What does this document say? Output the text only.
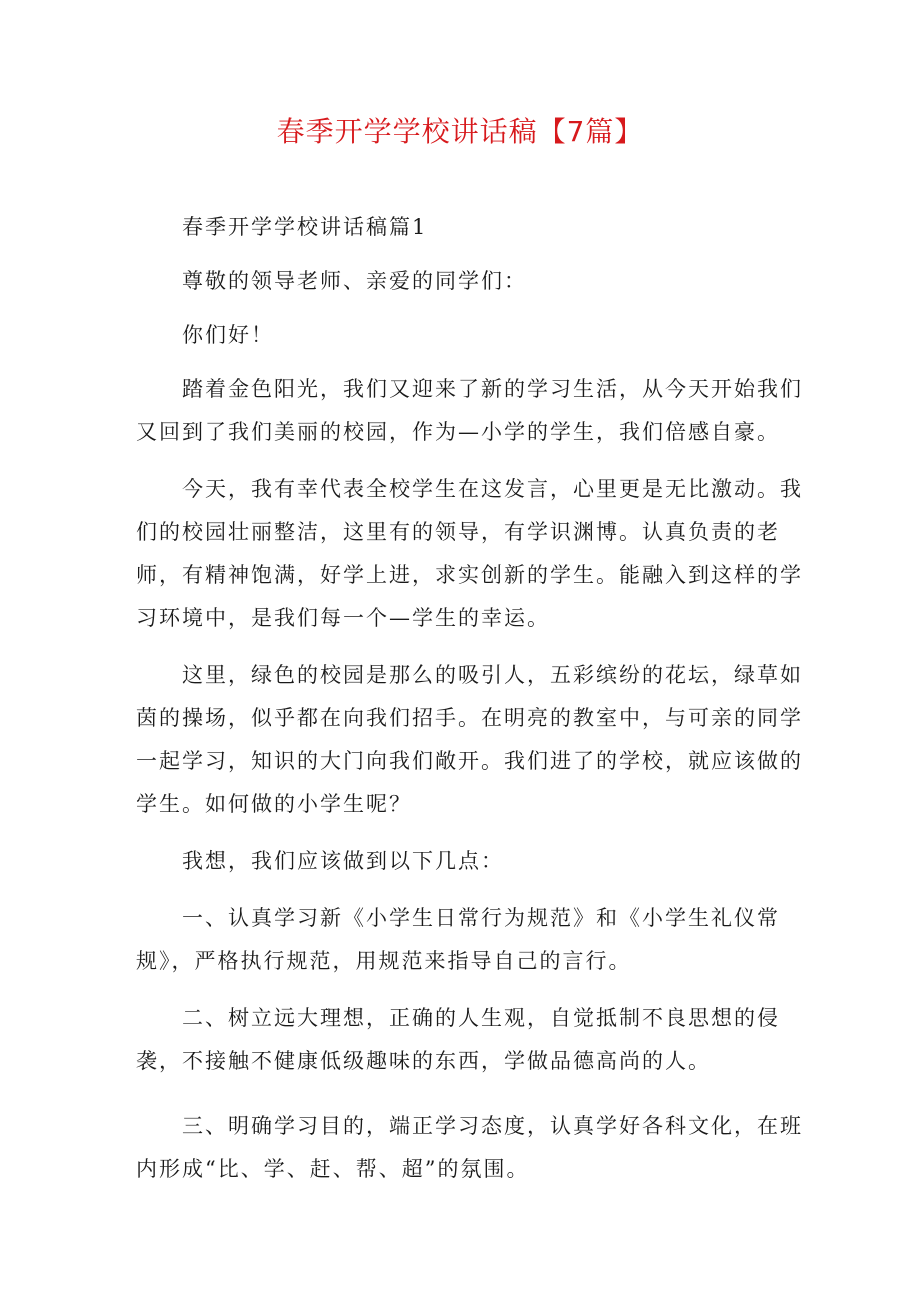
春季开学学校讲话稿【7篇】

春季开学学校讲话稿篇1

尊敬的领导老师、亲爱的同学们：

你们好！

踏着金色阳光，我们又迎来了新的学习生活，从今天开始我们又回到了我们美丽的校园，作为—小学的学生，我们倍感自豪。

今天，我有幸代表全校学生在这发言，心里更是无比激动。我们的校园壮丽整洁，这里有的领导，有学识渊博。认真负责的老师，有精神饱满，好学上进，求实创新的学生。能融入到这样的学习环境中，是我们每一个—学生的幸运。

这里，绿色的校园是那么的吸引人，五彩缤纷的花坛，绿草如茵的操场，似乎都在向我们招手。在明亮的教室中，与可亲的同学一起学习，知识的大门向我们敞开。我们进了的学校，就应该做的学生。如何做的小学生呢？

我想，我们应该做到以下几点：

一、认真学习新《小学生日常行为规范》和《小学生礼仪常规》，严格执行规范，用规范来指导自己的言行。

二、树立远大理想，正确的人生观，自觉抵制不良思想的侵袭，不接触不健康低级趣味的东西，学做品德高尚的人。

三、明确学习目的，端正学习态度，认真学好各科文化，在班内形成“比、学、赶、帮、超”的氛围。
